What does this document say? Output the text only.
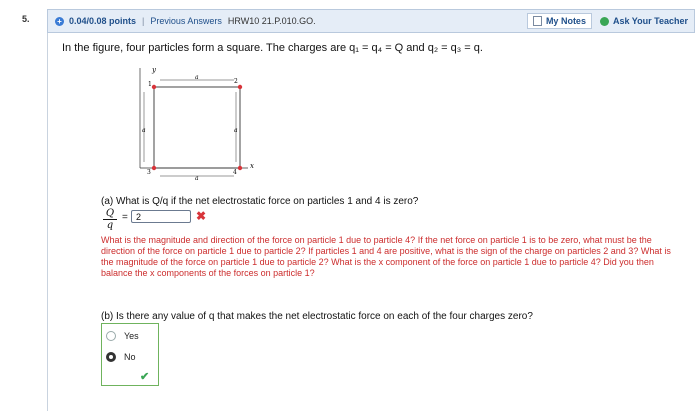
5.	+ 0.04/0.08 points | Previous Answers HRW10 21.P.010.GO.	My Notes	Ask Your Teacher
In the figure, four particles form a square. The charges are q₁ = q₄ = Q and q₂ = q₃ = q.
y
x
a
a
a	a
1	2
3	4
(a) What is Q/q if the net electrostatic force on particles 1 and 4 is zero?
$\frac{Q}{q}$ =
2	✖
What is the magnitude and direction of the force on particle 1 due to particle 4? If the net force on particle 1 is to be zero, what must be the direction of the force on particle 1 due to particle 2? If particles 1 and 4 are positive, what is the sign of the charge on particles 2 and 3? What is the magnitude of the force on particle 1 due to particle 2? What is the x component of the force on particle 1 due to particle 4? Did you then balance the x components of the forces on particle 1?
(b) Is there any value of q that makes the net electrostatic force on each of the four charges zero?
Yes
No
✔
